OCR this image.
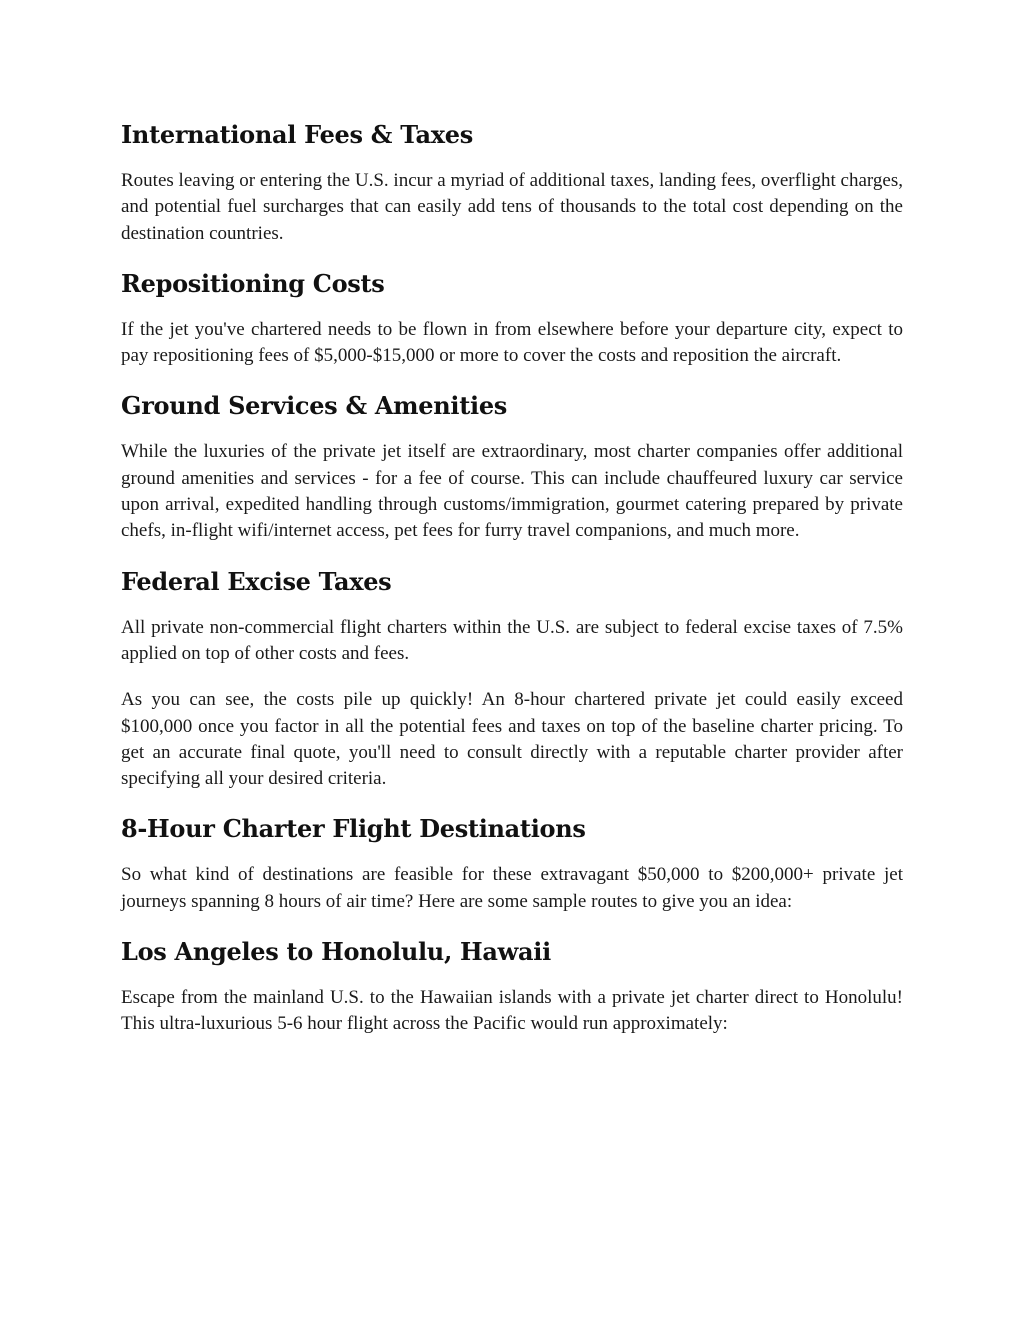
International Fees & Taxes

Routes leaving or entering the U.S. incur a myriad of additional taxes, landing fees, overflight charges, and potential fuel surcharges that can easily add tens of thousands to the total cost depending on the destination countries.

Repositioning Costs

If the jet you've chartered needs to be flown in from elsewhere before your departure city, expect to pay repositioning fees of $5,000-$15,000 or more to cover the costs and reposition the aircraft.

Ground Services & Amenities

While the luxuries of the private jet itself are extraordinary, most charter companies offer additional ground amenities and services - for a fee of course. This can include chauffeured luxury car service upon arrival, expedited handling through customs/immigration, gourmet catering prepared by private chefs, in-flight wifi/internet access, pet fees for furry travel companions, and much more.

Federal Excise Taxes

All private non-commercial flight charters within the U.S. are subject to federal excise taxes of 7.5% applied on top of other costs and fees.

As you can see, the costs pile up quickly! An 8-hour chartered private jet could easily exceed $100,000 once you factor in all the potential fees and taxes on top of the baseline charter pricing. To get an accurate final quote, you'll need to consult directly with a reputable charter provider after specifying all your desired criteria.

8-Hour Charter Flight Destinations

So what kind of destinations are feasible for these extravagant $50,000 to $200,000+ private jet journeys spanning 8 hours of air time? Here are some sample routes to give you an idea:

Los Angeles to Honolulu, Hawaii

Escape from the mainland U.S. to the Hawaiian islands with a private jet charter direct to Honolulu! This ultra-luxurious 5-6 hour flight across the Pacific would run approximately:
